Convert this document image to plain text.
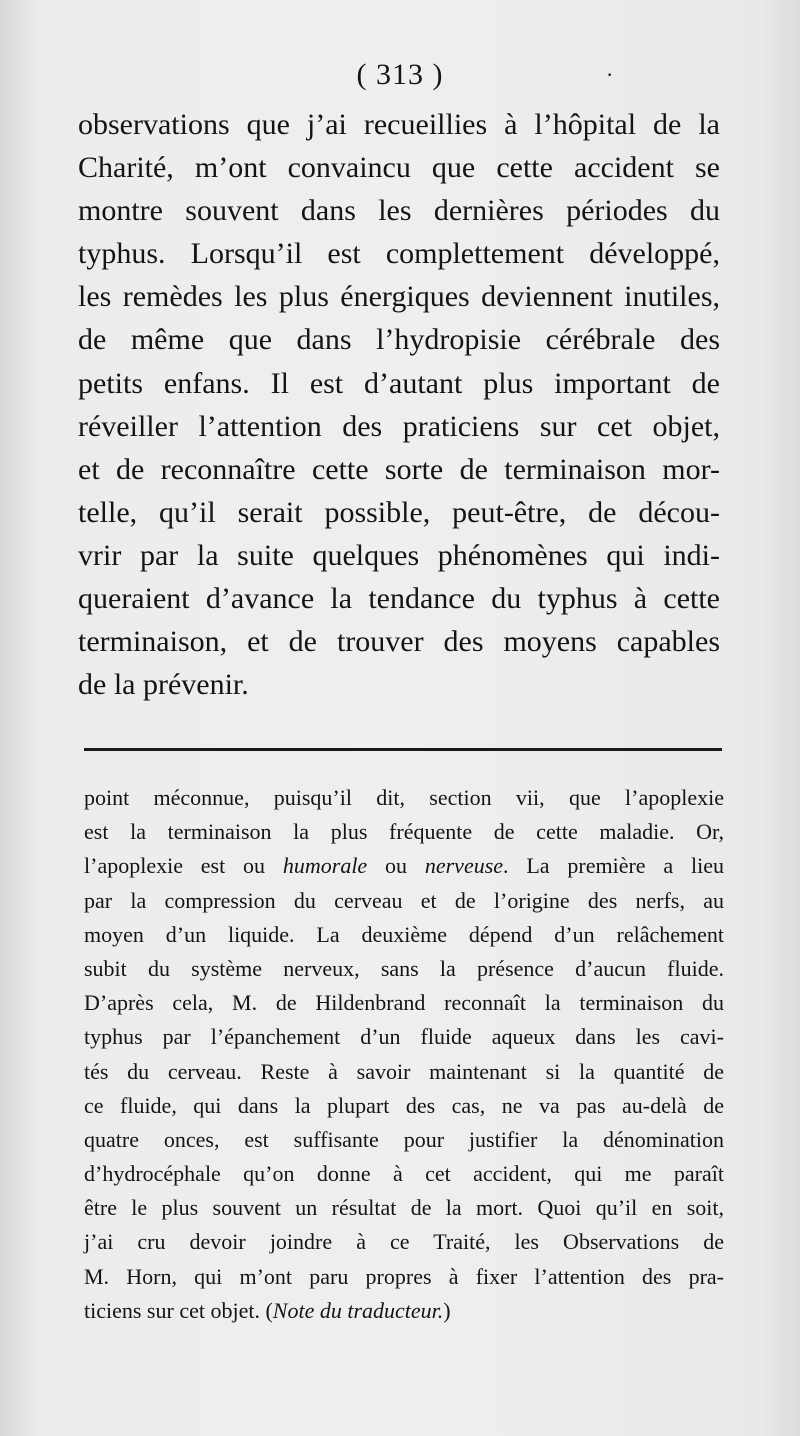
( 313 )	·
observations que j’ai recueillies à l’hôpital de la
Charité, m’ont convaincu que cette accident se
montre souvent dans les dernières périodes du
typhus. Lorsqu’il est complettement développé,
les remèdes les plus énergiques deviennent inutiles,
de même que dans l’hydropisie cérébrale des
petits enfans. Il est d’autant plus important de
réveiller l’attention des praticiens sur cet objet,
et de reconnaître cette sorte de terminaison mor-
telle, qu’il serait possible, peut-être, de décou-
vrir par la suite quelques phénomènes qui indi-
queraient d’avance la tendance du typhus à cette
terminaison, et de trouver des moyens capables
de la prévenir.
point méconnue, puisqu’il dit, section vii, que l’apoplexie
est la terminaison la plus fréquente de cette maladie. Or,
l’apoplexie est ou humorale ou nerveuse. La première a lieu
par la compression du cerveau et de l’origine des nerfs, au
moyen d’un liquide. La deuxième dépend d’un relâchement
subit du système nerveux, sans la présence d’aucun fluide.
D’après cela, M. de Hildenbrand reconnaît la terminaison du
typhus par l’épanchement d’un fluide aqueux dans les cavi-
tés du cerveau. Reste à savoir maintenant si la quantité de
ce fluide, qui dans la plupart des cas, ne va pas au-delà de
quatre onces, est suffisante pour justifier la dénomination
d’hydrocéphale qu’on donne à cet accident, qui me paraît
être le plus souvent un résultat de la mort. Quoi qu’il en soit,
j’ai cru devoir joindre à ce Traité, les Observations de
M. Horn, qui m’ont paru propres à fixer l’attention des pra-
ticiens sur cet objet. (Note du traducteur.)
